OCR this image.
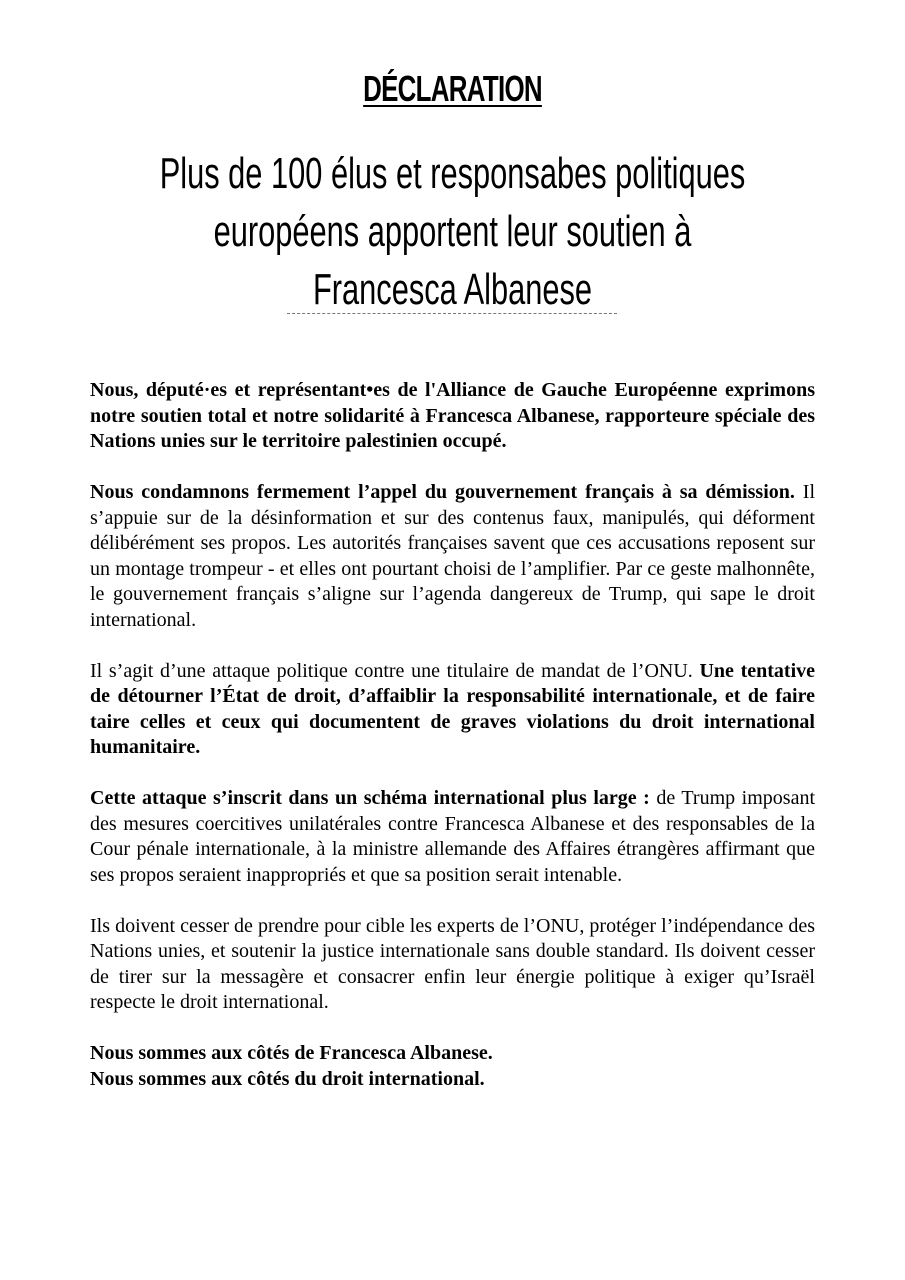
DÉCLARATION
Plus de 100 élus et responsabes politiques
européens apportent leur soutien à
Francesca Albanese

Nous, député·es et représentant•es de l'Alliance de Gauche Européenne exprimons notre soutien total et notre solidarité à Francesca Albanese, rapporteure spéciale des Nations unies sur le territoire palestinien occupé.

Nous condamnons fermement l’appel du gouvernement français à sa démission. Il s’appuie sur de la désinformation et sur des contenus faux, manipulés, qui déforment délibérément ses propos. Les autorités françaises savent que ces accusations reposent sur un montage trompeur - et elles ont pourtant choisi de l’amplifier. Par ce geste malhonnête, le gouvernement français s’aligne sur l’agenda dangereux de Trump, qui sape le droit international.

Il s’agit d’une attaque politique contre une titulaire de mandat de l’ONU. Une tentative de détourner l’État de droit, d’affaiblir la responsabilité internationale, et de faire taire celles et ceux qui documentent de graves violations du droit international humanitaire.

Cette attaque s’inscrit dans un schéma international plus large : de Trump imposant des mesures coercitives unilatérales contre Francesca Albanese et des responsables de la Cour pénale internationale, à la ministre allemande des Affaires étrangères affirmant que ses propos seraient inappropriés et que sa position serait intenable.

Ils doivent cesser de prendre pour cible les experts de l’ONU, protéger l’indépendance des Nations unies, et soutenir la justice internationale sans double standard. Ils doivent cesser de tirer sur la messagère et consacrer enfin leur énergie politique à exiger qu’Israël respecte le droit international.

Nous sommes aux côtés de Francesca Albanese.
Nous sommes aux côtés du droit international.
